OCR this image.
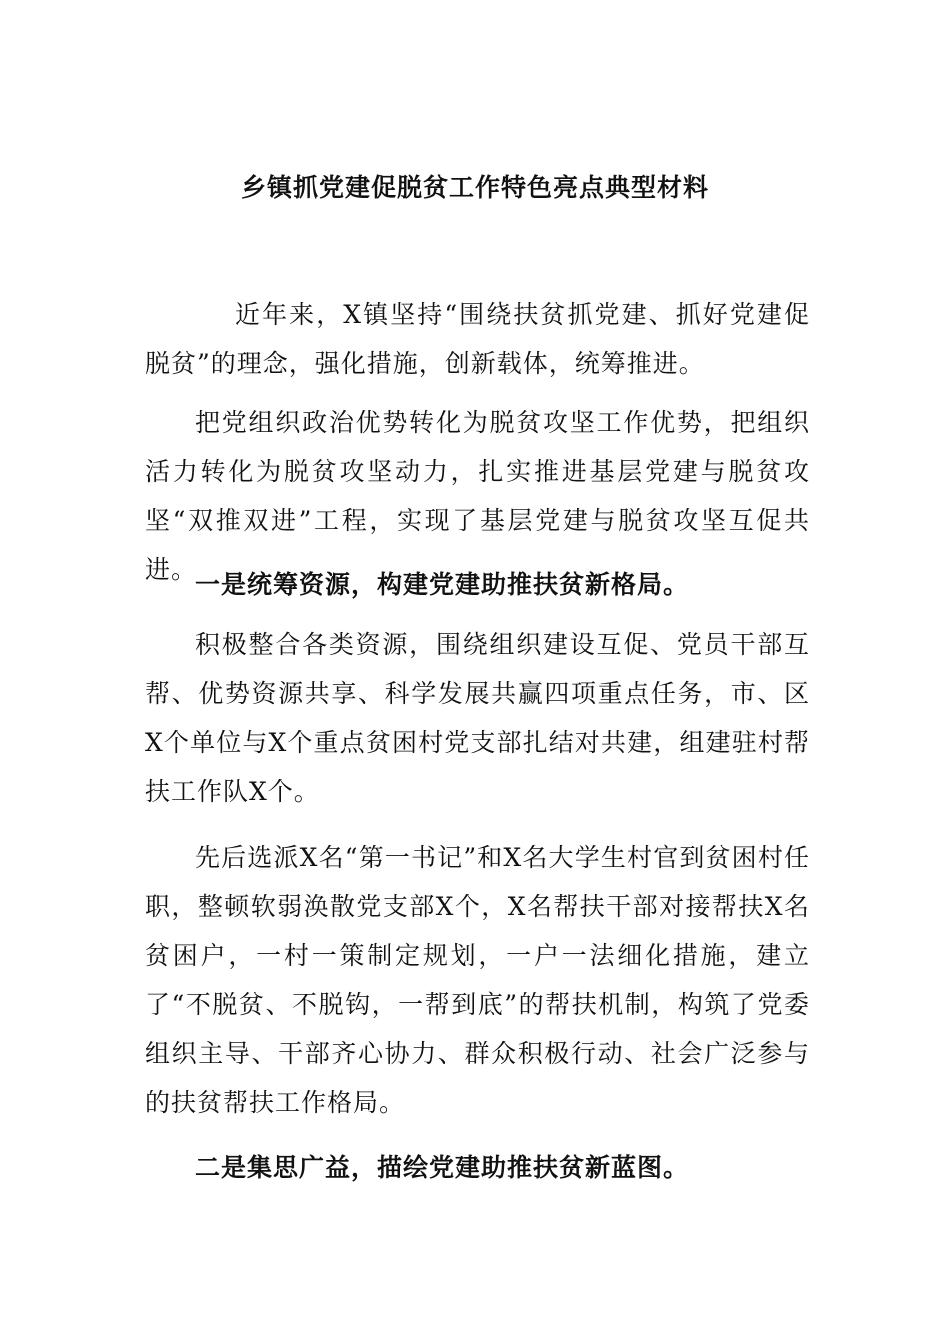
乡镇抓党建促脱贫工作特色亮点典型材料

近年来，X镇坚持“围绕扶贫抓党建、抓好党建促脱贫”的理念，强化措施，创新载体，统筹推进。

把党组织政治优势转化为脱贫攻坚工作优势，把组织活力转化为脱贫攻坚动力，扎实推进基层党建与脱贫攻坚“双推双进”工程，实现了基层党建与脱贫攻坚互促共进。

一是统筹资源，构建党建助推扶贫新格局。

积极整合各类资源，围绕组织建设互促、党员干部互帮、优势资源共享、科学发展共赢四项重点任务，市、区X个单位与X个重点贫困村党支部扎结对共建，组建驻村帮扶工作队X个。

先后选派X名“第一书记”和X名大学生村官到贫困村任职，整顿软弱涣散党支部X个，X名帮扶干部对接帮扶X名贫困户，一村一策制定规划，一户一法细化措施，建立了“不脱贫、不脱钩，一帮到底”的帮扶机制，构筑了党委组织主导、干部齐心协力、群众积极行动、社会广泛参与的扶贫帮扶工作格局。

二是集思广益，描绘党建助推扶贫新蓝图。
